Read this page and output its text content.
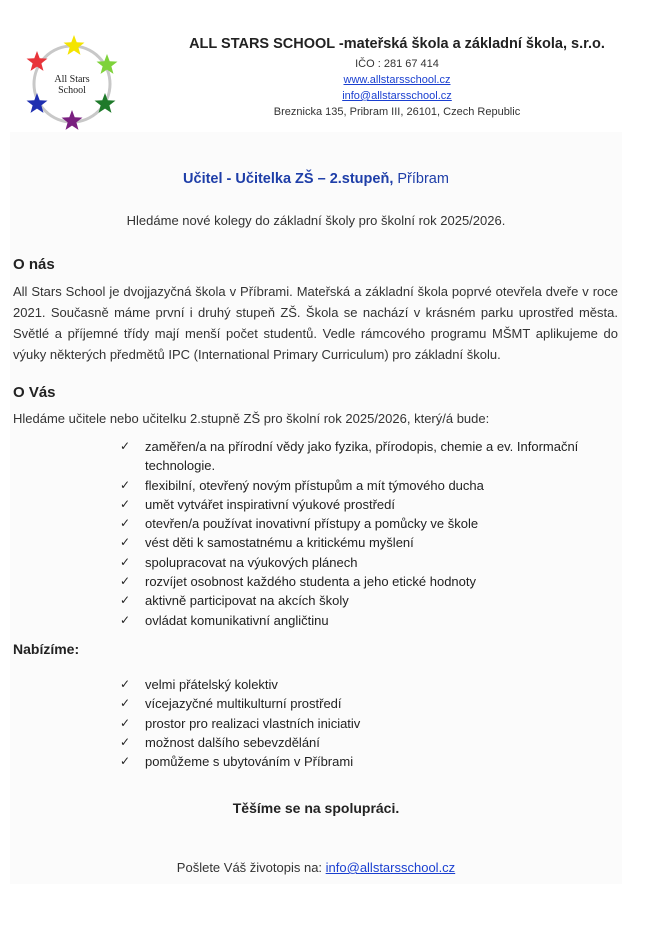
All Stars
School
ALL STARS SCHOOL -mateřská škola a základní škola, s.r.o.
IČO : 281 67 414
www.allstarsschool.cz
info@allstarsschool.cz
Breznicka 135, Pribram III, 26101, Czech Republic
Učitel - Učitelka ZŠ – 2.stupeň, Příbram
Hledáme nové kolegy do základní školy pro školní rok 2025/2026.
O nás
All Stars School je dvojjazyčná škola v Příbrami. Mateřská a základní škola poprvé otevřela dveře v roce 2021. Současně máme první i druhý stupeň ZŠ. Škola se nachází v krásném parku uprostřed města. Světlé a příjemné třídy mají menší počet studentů. Vedle rámcového programu MŠMT aplikujeme do výuky některých předmětů IPC (International Primary Curriculum) pro základní školu.
O Vás
Hledáme učitele nebo učitelku 2.stupně ZŠ pro školní rok 2025/2026, který/á bude:
✓ zaměřen/a na přírodní vědy jako fyzika, přírodopis, chemie a ev. Informační technologie.
✓ flexibilní, otevřený novým přístupům a mít týmového ducha
✓ umět vytvářet inspirativní výukové prostředí
✓ otevřen/a používat inovativní přístupy a pomůcky ve škole
✓ vést děti k samostatnému a kritickému myšlení
✓ spolupracovat na výukových plánech
✓ rozvíjet osobnost každého studenta a jeho etické hodnoty
✓ aktivně participovat na akcích školy
✓ ovládat komunikativní angličtinu
Nabízíme:
✓ velmi přátelský kolektiv
✓ vícejazyčné multikulturní prostředí
✓ prostor pro realizaci vlastních iniciativ
✓ možnost dalšího sebevzdělání
✓ pomůžeme s ubytováním v Příbrami
Těšíme se na spolupráci.
Pošlete Váš životopis na: info@allstarsschool.cz
